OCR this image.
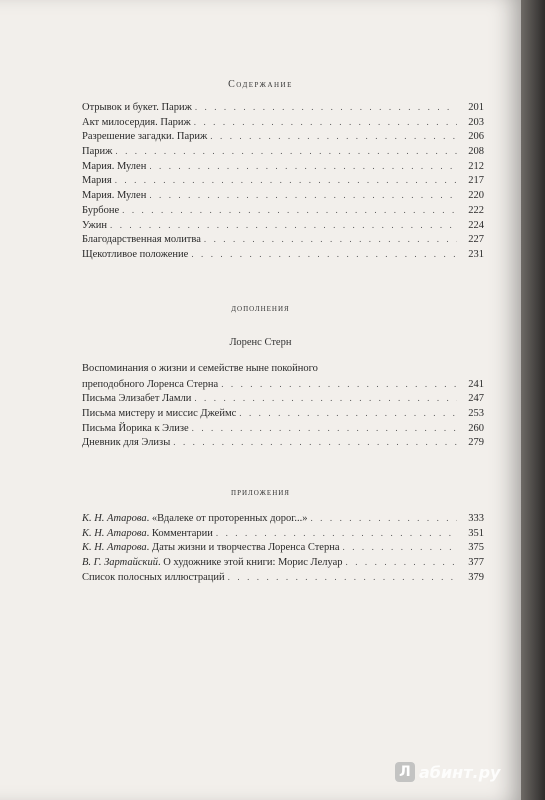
Содержание
Отрывок и букет. Париж . . .	201
Акт милосердия. Париж . . .	203
Разрешение загадки. Париж . . .	206
Париж . . .	208
Мария. Мулен . . .	212
Мария . . .	217
Мария. Мулен . . .	220
Бурбоне . . .	222
Ужин . . .	224
Благодарственная молитва . . .	227
Щекотливое положение . . .	231
дополнения
Лоренс Стерн
Воспоминания о жизни и семействе ныне покойного
преподобного Лоренса Стерна . . .	241
Письма Элизабет Ламли . . .	247
Письма мистеру и миссис Джеймс . . .	253
Письма Йорика к Элизе . . .	260
Дневник для Элизы . . .	279
приложения
К. Н. Атарова. «Вдалеке от проторенных дорог...» . . .	333
К. Н. Атарова. Комментарии . . .	351
К. Н. Атарова. Даты жизни и творчества Лоренса Стерна . . .	375
В. Г. Зартайский. О художнике этой книги: Морис Лелуар . . .	377
Список полосных иллюстраций . . .	379
Л абинт.ру
